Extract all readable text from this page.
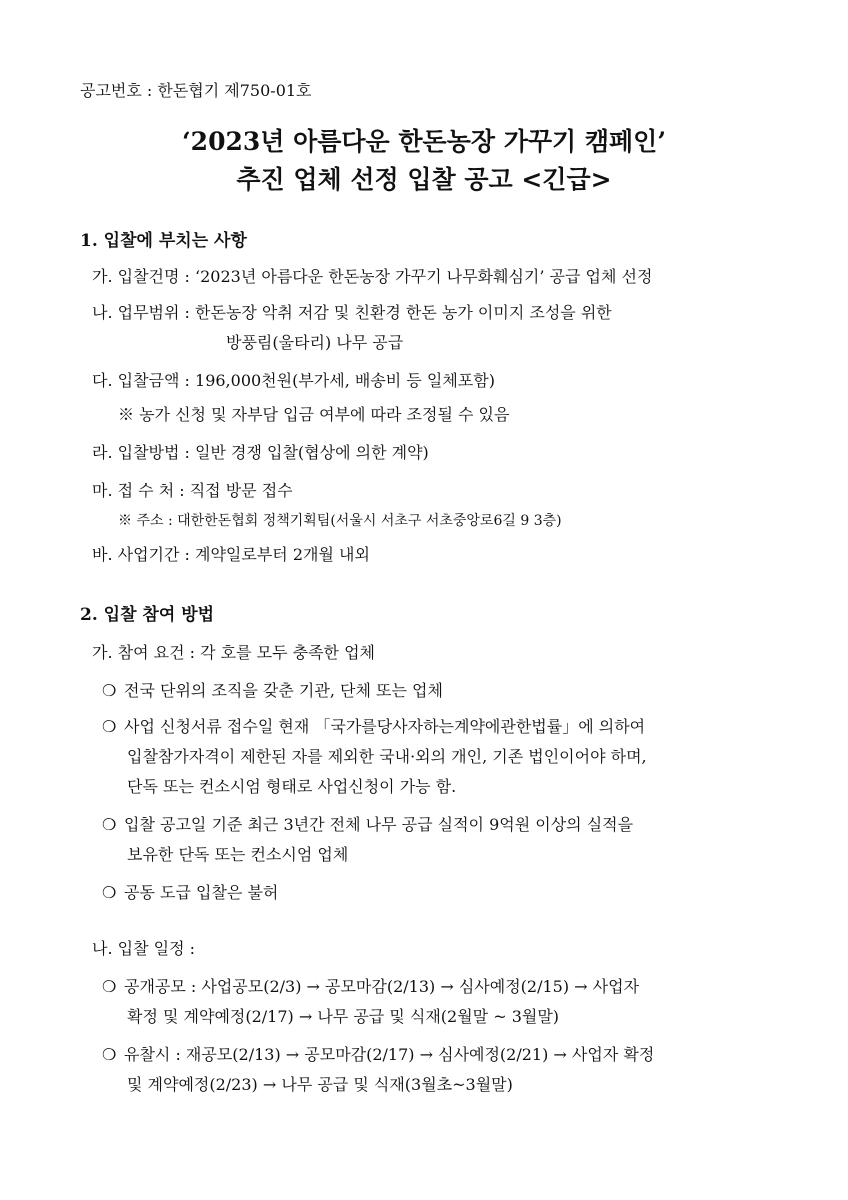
공고번호 : 한돈협기 제750-01호
‘2023년 아름다운 한돈농장 가꾸기 캠페인’
추진 업체 선정 입찰 공고 <긴급>
1. 입찰에 부치는 사항
가. 입찰건명 : ‘2023년 아름다운 한돈농장 가꾸기 나무화훼심기’ 공급 업체 선정
나. 업무범위 : 한돈농장 악취 저감 및 친환경 한돈 농가 이미지 조성을 위한
방풍림(울타리) 나무 공급
다. 입찰금액 : 196,000천원(부가세, 배송비 등 일체포함)
※ 농가 신청 및 자부담 입금 여부에 따라 조정될 수 있음
라. 입찰방법 : 일반 경쟁 입찰(협상에 의한 계약)
마. 접 수 처 : 직접 방문 접수
※ 주소 : 대한한돈협회 정책기획팀(서울시 서초구 서초중앙로6길 9 3층)
바. 사업기간 : 계약일로부터 2개월 내외
2. 입찰 참여 방법
가. 참여 요건 : 각 호를 모두 충족한 업체
❍ 전국 단위의 조직을 갖춘 기관, 단체 또는 업체
❍ 사업 신청서류 접수일 현재 「국가를당사자하는계약에관한법률」에 의하여
입찰참가자격이 제한된 자를 제외한 국내·외의 개인, 기존 법인이어야 하며,
단독 또는 컨소시엄 형태로 사업신청이 가능 함.
❍ 입찰 공고일 기준 최근 3년간 전체 나무 공급 실적이 9억원 이상의 실적을
보유한 단독 또는 컨소시엄 업체
❍ 공동 도급 입찰은 불허
나. 입찰 일정 :
❍ 공개공모 : 사업공모(2/3) → 공모마감(2/13) → 심사예정(2/15) → 사업자
확정 및 계약예정(2/17) → 나무 공급 및 식재(2월말 ~ 3월말)
❍ 유찰시 : 재공모(2/13) → 공모마감(2/17) → 심사예정(2/21) → 사업자 확정
및 계약예정(2/23) → 나무 공급 및 식재(3월초~3월말)
